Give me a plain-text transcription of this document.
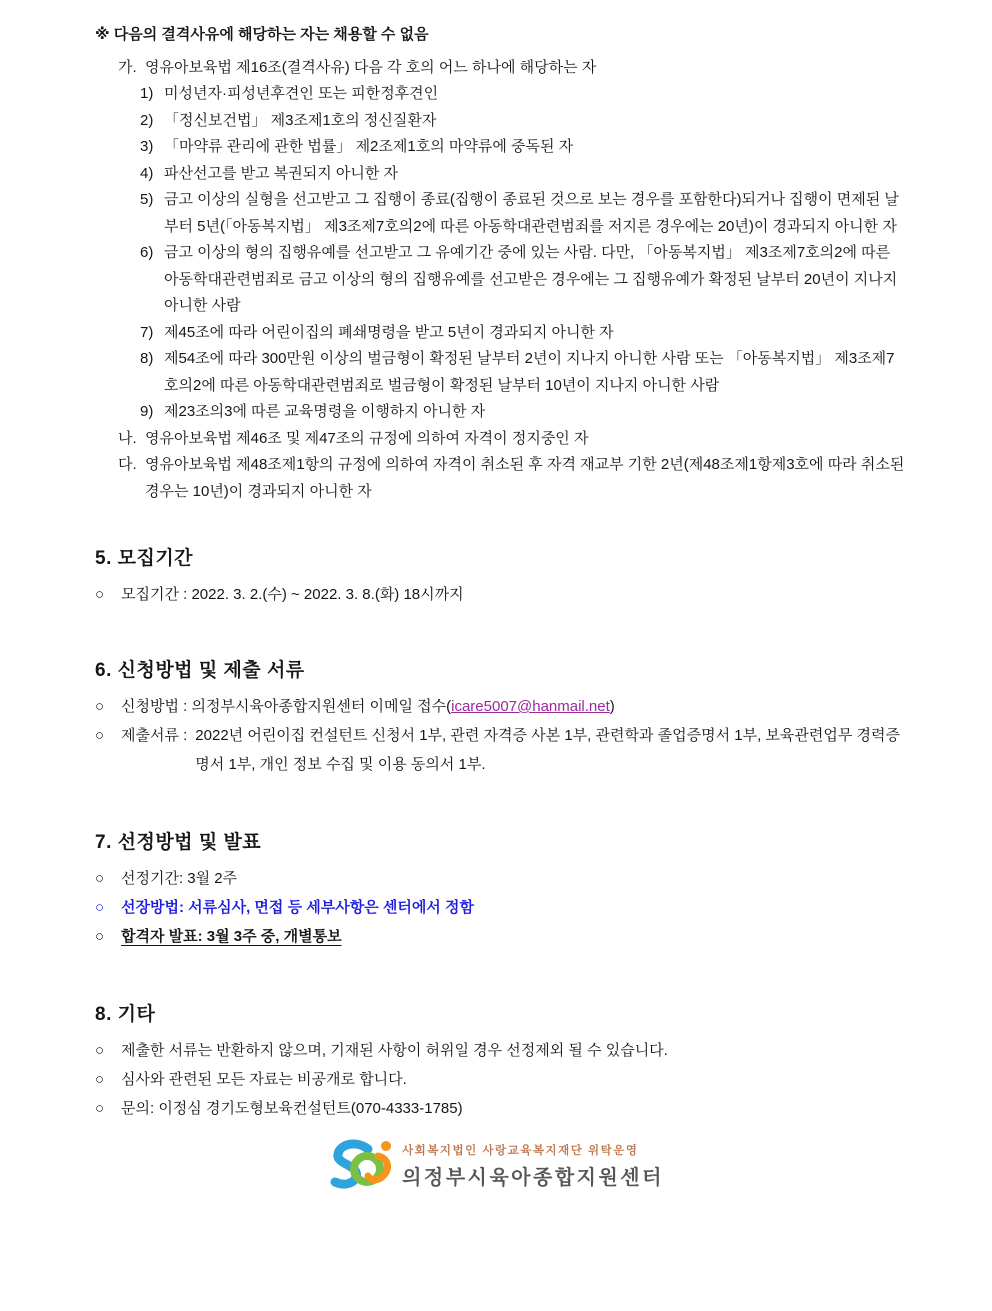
※ 다음의 결격사유에 해당하는 자는 채용할 수 없음
가. 영유아보육법 제16조(결격사유) 다음 각 호의 어느 하나에 해당하는 자
1) 미성년자·피성년후견인 또는 피한정후견인
2) 「정신보건법」 제3조제1호의 정신질환자
3) 「마약류 관리에 관한 법률」 제2조제1호의 마약류에 중독된 자
4) 파산선고를 받고 복권되지 아니한 자
5) 금고 이상의 실형을 선고받고 그 집행이 종료(집행이 종료된 것으로 보는 경우를 포함한다)되거나 집행이 면제된 날부터 5년(「아동복지법」 제3조제7호의2에 따른 아동학대관련범죄를 저지른 경우에는 20년)이 경과되지 아니한 자
6) 금고 이상의 형의 집행유예를 선고받고 그 유예기간 중에 있는 사람. 다만, 「아동복지법」 제3조제7호의2에 따른 아동학대관련범죄로 금고 이상의 형의 집행유예를 선고받은 경우에는 그 집행유예가 확정된 날부터 20년이 지나지 아니한 사람
7) 제45조에 따라 어린이집의 폐쇄명령을 받고 5년이 경과되지 아니한 자
8) 제54조에 따라 300만원 이상의 벌금형이 확정된 날부터 2년이 지나지 아니한 사람 또는 「아동복지법」 제3조제7호의2에 따른 아동학대관련범죄로 벌금형이 확정된 날부터 10년이 지나지 아니한 사람
9) 제23조의3에 따른 교육명령을 이행하지 아니한 자
나. 영유아보육법 제46조 및 제47조의 규정에 의하여 자격이 정지중인 자
다. 영유아보육법 제48조제1항의 규정에 의하여 자격이 취소된 후 자격 재교부 기한 2년(제48조제1항제3호에 따라 취소된 경우는 10년)이 경과되지 아니한 자
5. 모집기간
○	모집기간 : 2022. 3. 2.(수) ~ 2022. 3. 8.(화) 18시까지
6. 신청방법 및 제출 서류
○	신청방법 : 의정부시육아종합지원센터 이메일 접수(icare5007@hanmail.net)
○	제출서류 : 2022년 어린이집 컨설턴트 신청서 1부, 관련 자격증 사본 1부, 관련학과 졸업증명서 1부, 보육관련업무 경력증명서 1부, 개인 정보 수집 및 이용 동의서 1부.
7. 선정방법 및 발표
○	선정기간: 3월 2주
○	선장방법: 서류심사, 면접 등 세부사항은 센터에서 정함
○	합격자 발표: 3월 3주 중, 개별통보
8. 기타
○	제출한 서류는 반환하지 않으며, 기재된 사항이 허위일 경우 선정제외 될 수 있습니다.
○	심사와 관련된 모든 자료는 비공개로 합니다.
○	문의: 이정심 경기도형보육컨설턴트(070-4333-1785)
사회복지법인 사랑교육복지재단 위탁운영
의정부시육아종합지원센터
